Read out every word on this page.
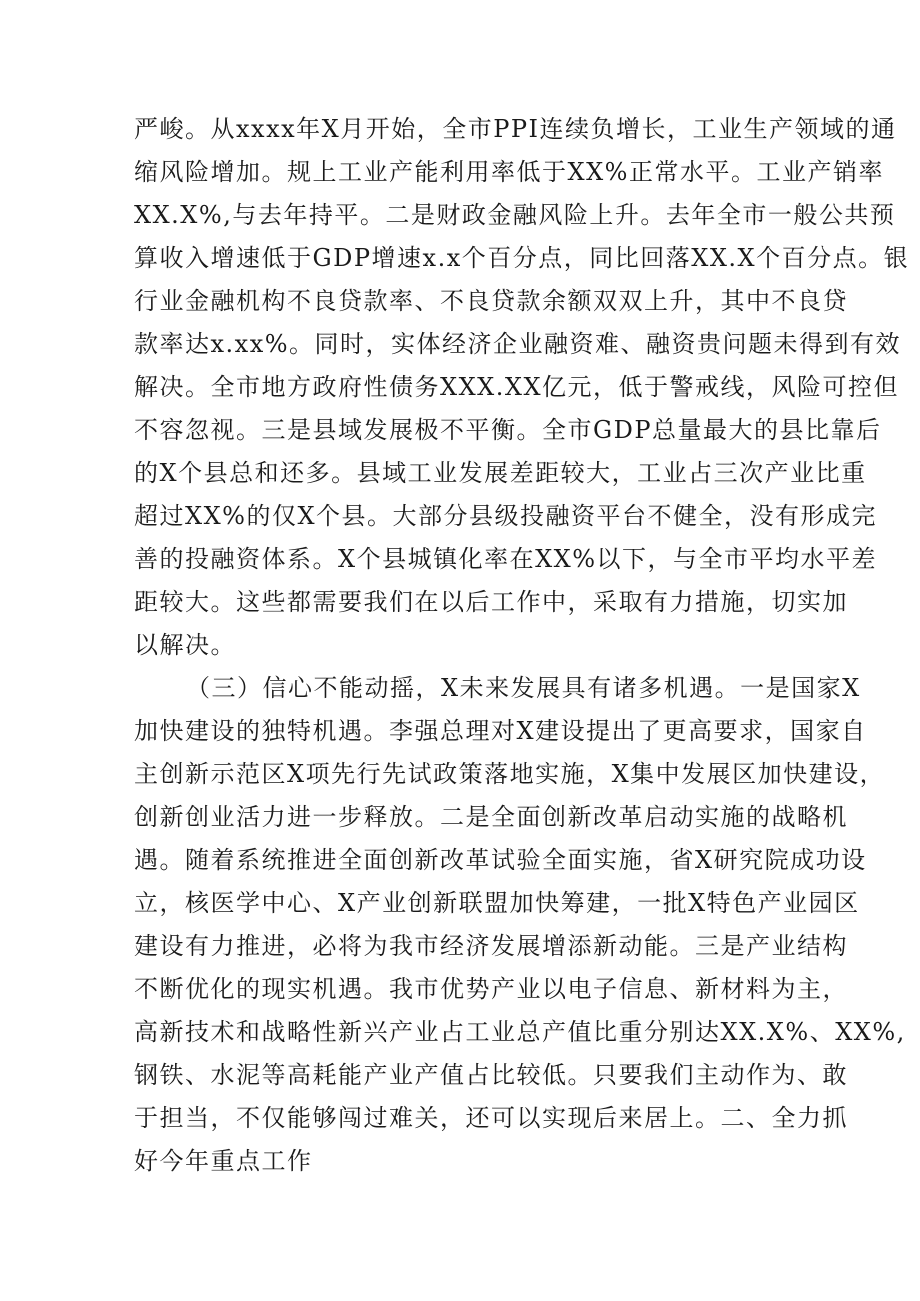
严峻。从xxxx年X月开始，全市PPI连续负增长，工业生产领域的通
缩风险增加。规上工业产能利用率低于XX%正常水平。工业产销率
XX.X%,与去年持平。二是财政金融风险上升。去年全市一般公共预
算收入增速低于GDP增速x.x个百分点，同比回落XX.X个百分点。银
行业金融机构不良贷款率、不良贷款余额双双上升，其中不良贷
款率达x.xx%。同时，实体经济企业融资难、融资贵问题未得到有效
解决。全市地方政府性债务XXX.XX亿元，低于警戒线，风险可控但
不容忽视。三是县域发展极不平衡。全市GDP总量最大的县比靠后
的X个县总和还多。县域工业发展差距较大，工业占三次产业比重
超过XX%的仅X个县。大部分县级投融资平台不健全，没有形成完
善的投融资体系。X个县城镇化率在XX%以下，与全市平均水平差
距较大。这些都需要我们在以后工作中，采取有力措施，切实加
以解决。
（三）信心不能动摇，X未来发展具有诸多机遇。一是国家X
加快建设的独特机遇。李强总理对X建设提出了更高要求，国家自
主创新示范区X项先行先试政策落地实施，X集中发展区加快建设，
创新创业活力进一步释放。二是全面创新改革启动实施的战略机
遇。随着系统推进全面创新改革试验全面实施，省X研究院成功设
立，核医学中心、X产业创新联盟加快筹建，一批X特色产业园区
建设有力推进，必将为我市经济发展增添新动能。三是产业结构
不断优化的现实机遇。我市优势产业以电子信息、新材料为主，
高新技术和战略性新兴产业占工业总产值比重分别达XX.X%、XX%,
钢铁、水泥等高耗能产业产值占比较低。只要我们主动作为、敢
于担当，不仅能够闯过难关，还可以实现后来居上。二、全力抓
好今年重点工作
